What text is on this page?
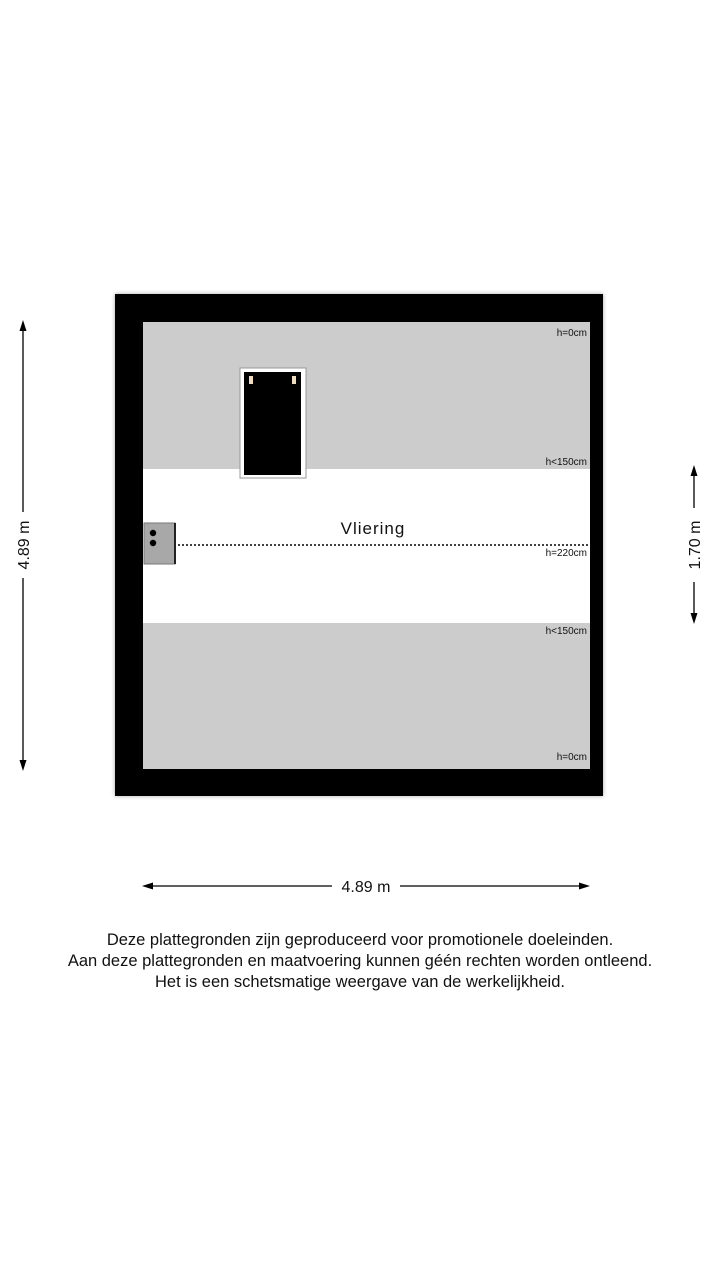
Vliering
h=0cm
h<150cm
h=220cm
h<150cm
h=0cm
4.89 m	1.70 m
4.89 m
Deze plattegronden zijn geproduceerd voor promotionele doeleinden.
Aan deze plattegronden en maatvoering kunnen géén rechten worden ontleend.
Het is een schetsmatige weergave van de werkelijkheid.
